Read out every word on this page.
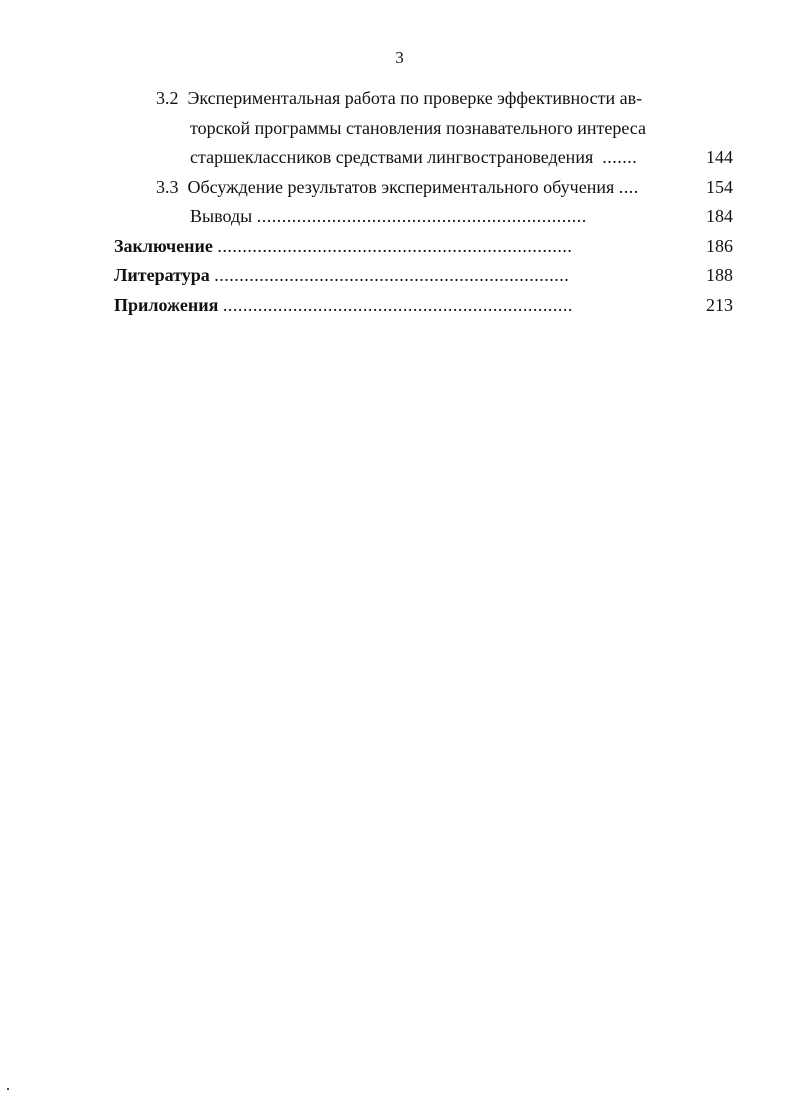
3
3.2 Экспериментальная работа по проверке эффективности ав-
торской программы становления познавательного интереса
старшеклассников средствами лингвострановедения .......	144
3.3 Обсуждение результатов экспериментального обучения ....	154
Выводы ..................................................................	184
Заключение .......................................................................	186
Литература .......................................................................	188
Приложения ......................................................................	213
